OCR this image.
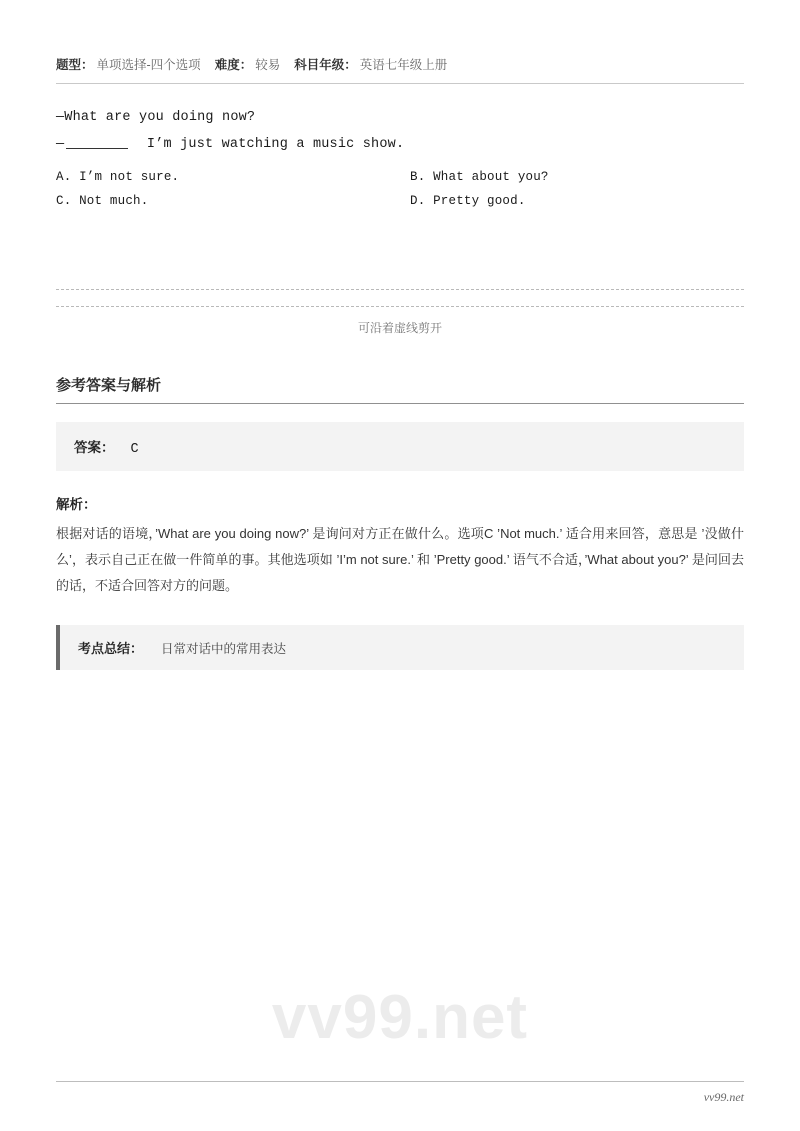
题型： 单项选择-四个选项 难度： 较易 科目年级： 英语七年级上册
—What are you doing now?
—	I’m just watching a music show.
A. I’m not sure.	B. What about you?
C. Not much.	D. Pretty good.
可沿着虚线剪开
参考答案与解析
答案： C
解析：
根据对话的语境，’What are you doing now?’ 是询问对方正在做什么。选项C ’Not much.’ 适合用来回答，意思是 ’没做什么’，表示自己正在做一件简单的事。其他选项如 ’I’m not sure.’ 和 ’Pretty good.’ 语气不合适，’What about you?’ 是问回去的话，不适合回答对方的问题。
考点总结： 日常对话中的常用表达
vv99.net
vv99.net
